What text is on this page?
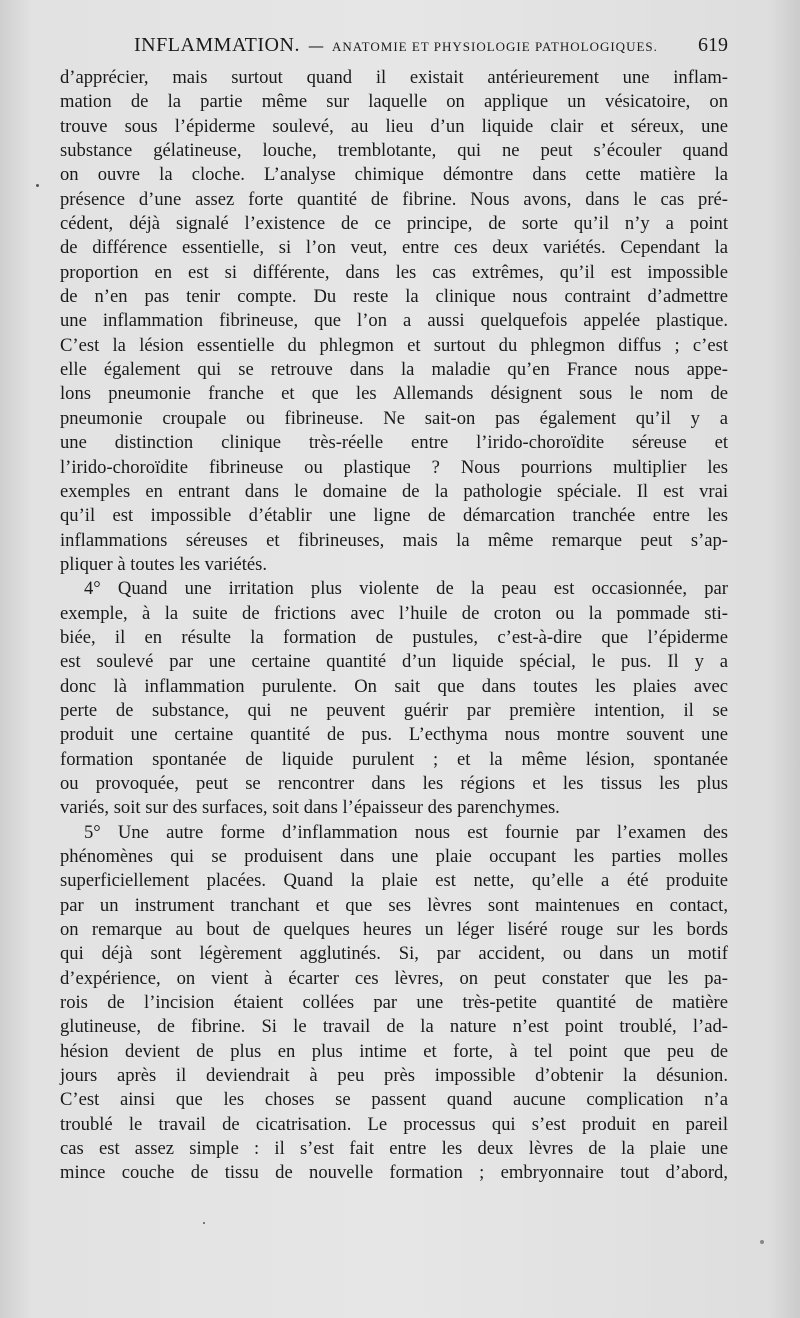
INFLAMMATION. — ANATOMIE ET PHYSIOLOGIE PATHOLOGIQUES. 619
d’apprécier, mais surtout quand il existait antérieurement une inflam-
mation de la partie même sur laquelle on applique un vésicatoire, on
trouve sous l’épiderme soulevé, au lieu d’un liquide clair et séreux, une
substance gélatineuse, louche, tremblotante, qui ne peut s’écouler quand
on ouvre la cloche. L’analyse chimique démontre dans cette matière la
présence d’une assez forte quantité de fibrine. Nous avons, dans le cas pré-
cédent, déjà signalé l’existence de ce principe, de sorte qu’il n’y a point
de différence essentielle, si l’on veut, entre ces deux variétés. Cependant la
proportion en est si différente, dans les cas extrêmes, qu’il est impossible
de n’en pas tenir compte. Du reste la clinique nous contraint d’admettre
une inflammation fibrineuse, que l’on a aussi quelquefois appelée plastique.
C’est la lésion essentielle du phlegmon et surtout du phlegmon diffus ; c’est
elle également qui se retrouve dans la maladie qu’en France nous appe-
lons pneumonie franche et que les Allemands désignent sous le nom de
pneumonie croupale ou fibrineuse. Ne sait-on pas également qu’il y a
une distinction clinique très-réelle entre l’irido-choroïdite séreuse et
l’irido-choroïdite fibrineuse ou plastique ? Nous pourrions multiplier les
exemples en entrant dans le domaine de la pathologie spéciale. Il est vrai
qu’il est impossible d’établir une ligne de démarcation tranchée entre les
inflammations séreuses et fibrineuses, mais la même remarque peut s’ap-
pliquer à toutes les variétés.
4° Quand une irritation plus violente de la peau est occasionnée, par
exemple, à la suite de frictions avec l’huile de croton ou la pommade sti-
biée, il en résulte la formation de pustules, c’est-à-dire que l’épiderme
est soulevé par une certaine quantité d’un liquide spécial, le pus. Il y a
donc là inflammation purulente. On sait que dans toutes les plaies avec
perte de substance, qui ne peuvent guérir par première intention, il se
produit une certaine quantité de pus. L’ecthyma nous montre souvent une
formation spontanée de liquide purulent ; et la même lésion, spontanée
ou provoquée, peut se rencontrer dans les régions et les tissus les plus
variés, soit sur des surfaces, soit dans l’épaisseur des parenchymes.
5° Une autre forme d’inflammation nous est fournie par l’examen des
phénomènes qui se produisent dans une plaie occupant les parties molles
superficiellement placées. Quand la plaie est nette, qu’elle a été produite
par un instrument tranchant et que ses lèvres sont maintenues en contact,
on remarque au bout de quelques heures un léger liséré rouge sur les bords
qui déjà sont légèrement agglutinés. Si, par accident, ou dans un motif
d’expérience, on vient à écarter ces lèvres, on peut constater que les pa-
rois de l’incision étaient collées par une très-petite quantité de matière
glutineuse, de fibrine. Si le travail de la nature n’est point troublé, l’ad-
hésion devient de plus en plus intime et forte, à tel point que peu de
jours après il deviendrait à peu près impossible d’obtenir la désunion.
C’est ainsi que les choses se passent quand aucune complication n’a
troublé le travail de cicatrisation. Le processus qui s’est produit en pareil
cas est assez simple : il s’est fait entre les deux lèvres de la plaie une
mince couche de tissu de nouvelle formation ; embryonnaire tout d’abord,
